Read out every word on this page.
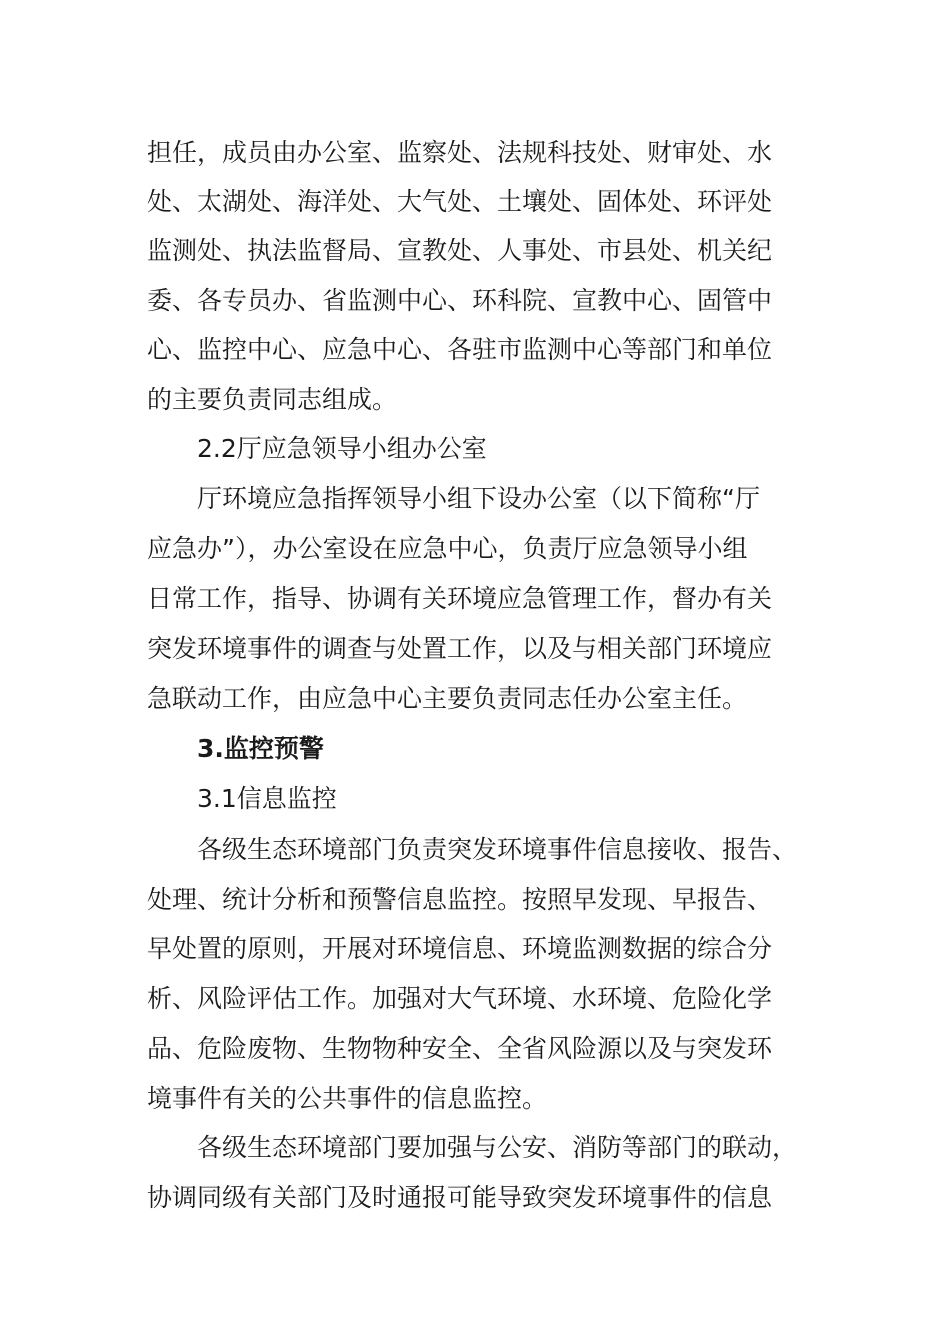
担任，成员由办公室、监察处、法规科技处、财审处、水
处、太湖处、海洋处、大气处、土壤处、固体处、环评处
监测处、执法监督局、宣教处、人事处、市县处、机关纪
委、各专员办、省监测中心、环科院、宣教中心、固管中
心、监控中心、应急中心、各驻市监测中心等部门和单位
的主要负责同志组成。
2.2厅应急领导小组办公室
厅环境应急指挥领导小组下设办公室（以下简称“厅
应急办”），办公室设在应急中心，负责厅应急领导小组
日常工作，指导、协调有关环境应急管理工作，督办有关
突发环境事件的调查与处置工作，以及与相关部门环境应
急联动工作，由应急中心主要负责同志任办公室主任。
3.监控预警
3.1信息监控
各级生态环境部门负责突发环境事件信息接收、报告、
处理、统计分析和预警信息监控。按照早发现、早报告、
早处置的原则，开展对环境信息、环境监测数据的综合分
析、风险评估工作。加强对大气环境、水环境、危险化学
品、危险废物、生物物种安全、全省风险源以及与突发环
境事件有关的公共事件的信息监控。
各级生态环境部门要加强与公安、消防等部门的联动，
协调同级有关部门及时通报可能导致突发环境事件的信息
